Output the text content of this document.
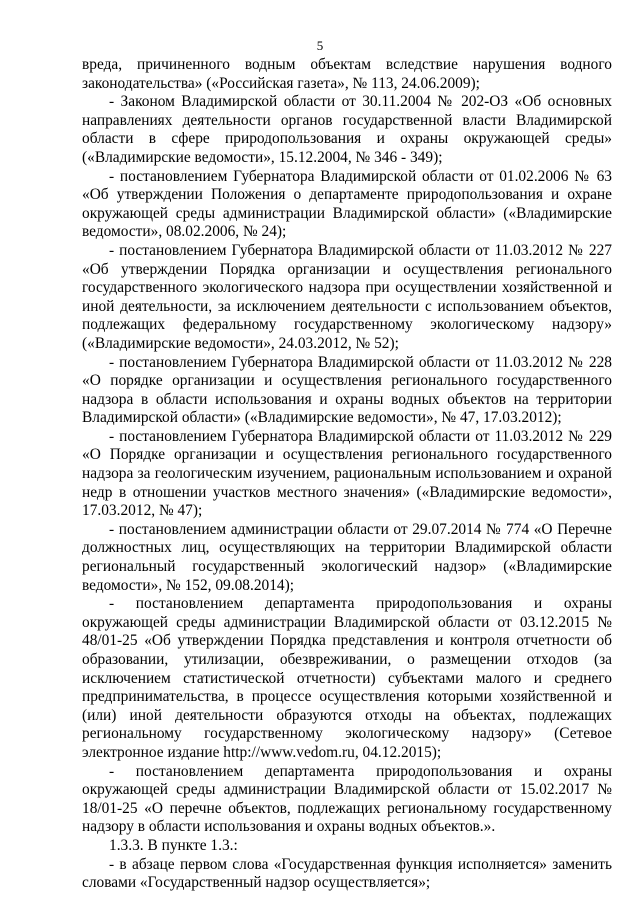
5

вреда, причиненного водным объектам вследствие нарушения водного законодательства» («Российская газета», № 113, 24.06.2009);

- Законом Владимирской области от 30.11.2004 № 202-ОЗ «Об основных направлениях деятельности органов государственной власти Владимирской области в сфере природопользования и охраны окружающей среды» («Владимирские ведомости», 15.12.2004, № 346 - 349);

- постановлением Губернатора Владимирской области от 01.02.2006 № 63 «Об утверждении Положения о департаменте природопользования и охране окружающей среды администрации Владимирской области» («Владимирские ведомости», 08.02.2006, № 24);

- постановлением Губернатора Владимирской области от 11.03.2012 № 227 «Об утверждении Порядка организации и осуществления регионального государственного экологического надзора при осуществлении хозяйственной и иной деятельности, за исключением деятельности с использованием объектов, подлежащих федеральному государственному экологическому надзору» («Владимирские ведомости», 24.03.2012, № 52);

- постановлением Губернатора Владимирской области от 11.03.2012 № 228 «О порядке организации и осуществления регионального государственного надзора в области использования и охраны водных объектов на территории Владимирской области» («Владимирские ведомости», № 47, 17.03.2012);

- постановлением Губернатора Владимирской области от 11.03.2012 № 229 «О Порядке организации и осуществления регионального государственного надзора за геологическим изучением, рациональным использованием и охраной недр в отношении участков местного значения» («Владимирские ведомости», 17.03.2012, № 47);

- постановлением администрации области от 29.07.2014 № 774 «О Перечне должностных лиц, осуществляющих на территории Владимирской области региональный государственный экологический надзор» («Владимирские ведомости», № 152, 09.08.2014);

- постановлением департамента природопользования и охраны окружающей среды администрации Владимирской области от 03.12.2015 № 48/01-25 «Об утверждении Порядка представления и контроля отчетности об образовании, утилизации, обезвреживании, о размещении отходов (за исключением статистической отчетности) субъектами малого и среднего предпринимательства, в процессе осуществления которыми хозяйственной и (или) иной деятельности образуются отходы на объектах, подлежащих региональному государственному экологическому надзору» (Сетевое электронное издание http://www.vedom.ru, 04.12.2015);

- постановлением департамента природопользования и охраны окружающей среды администрации Владимирской области от 15.02.2017 № 18/01-25 «О перечне объектов, подлежащих региональному государственному надзору в области использования и охраны водных объектов.».

1.3.3. В пункте 1.3.:

- в абзаце первом слова «Государственная функция исполняется» заменить словами «Государственный надзор осуществляется»;
